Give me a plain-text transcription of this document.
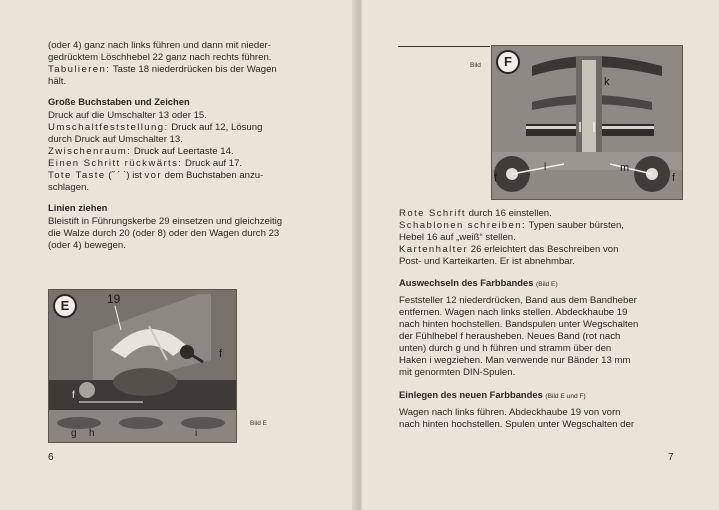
(oder 4) ganz nach links führen und dann mit nieder-

gedrücktem Löschhebel 22 ganz nach rechts führen.

Tabulieren: Taste 18 niederdrücken bis der Wagen

hält.

Große Buchstaben und Zeichen

Druck auf die Umschalter 13 oder 15.

Umschaltfeststellung: Druck auf 12, Lösung

durch Druck auf Umschalter 13.

Zwischenraum: Druck auf Leertaste 14.

Einen Schritt rückwärts: Druck auf 17.

Tote Taste (˝ ´ `) ist vor dem Buchstaben anzu-

schlagen.

Linien ziehen

Bleistift in Führungskerbe 29 einsetzen und gleichzeitig

die Walze durch 20 (oder 8) oder den Wagen durch 23

(oder 4) bewegen.

E	19
f
f
g h	i
Bild E
6
Bild	F
k
f
l	m
f

Rote Schrift durch 16 einstellen.

Schablonen schreiben: Typen sauber bürsten,

Hebel 16 auf „weiß“ stellen.

Kartenhalter 26 erleichtert das Beschreiben von

Post- und Karteikarten. Er ist abnehmbar.

Auswechseln des Farbbandes (Bild E)

Feststeller 12 niederdrücken, Band aus dem Bandheber

entfernen. Wagen nach links stellen. Abdeckhaube 19

nach hinten hochstellen. Bandspulen unter Wegschalten

der Fühlhebel f herausheben. Neues Band (rot nach

unten) durch g und h führen und stramm über den

Haken i wegziehen. Man verwende nur Bänder 13 mm

mit genormten DIN-Spulen.

Einlegen des neuen Farbbandes (Bild E und F)

Wagen nach links führen. Abdeckhaube 19 von vorn

nach hinten hochstellen. Spulen unter Wegschalten der

7
